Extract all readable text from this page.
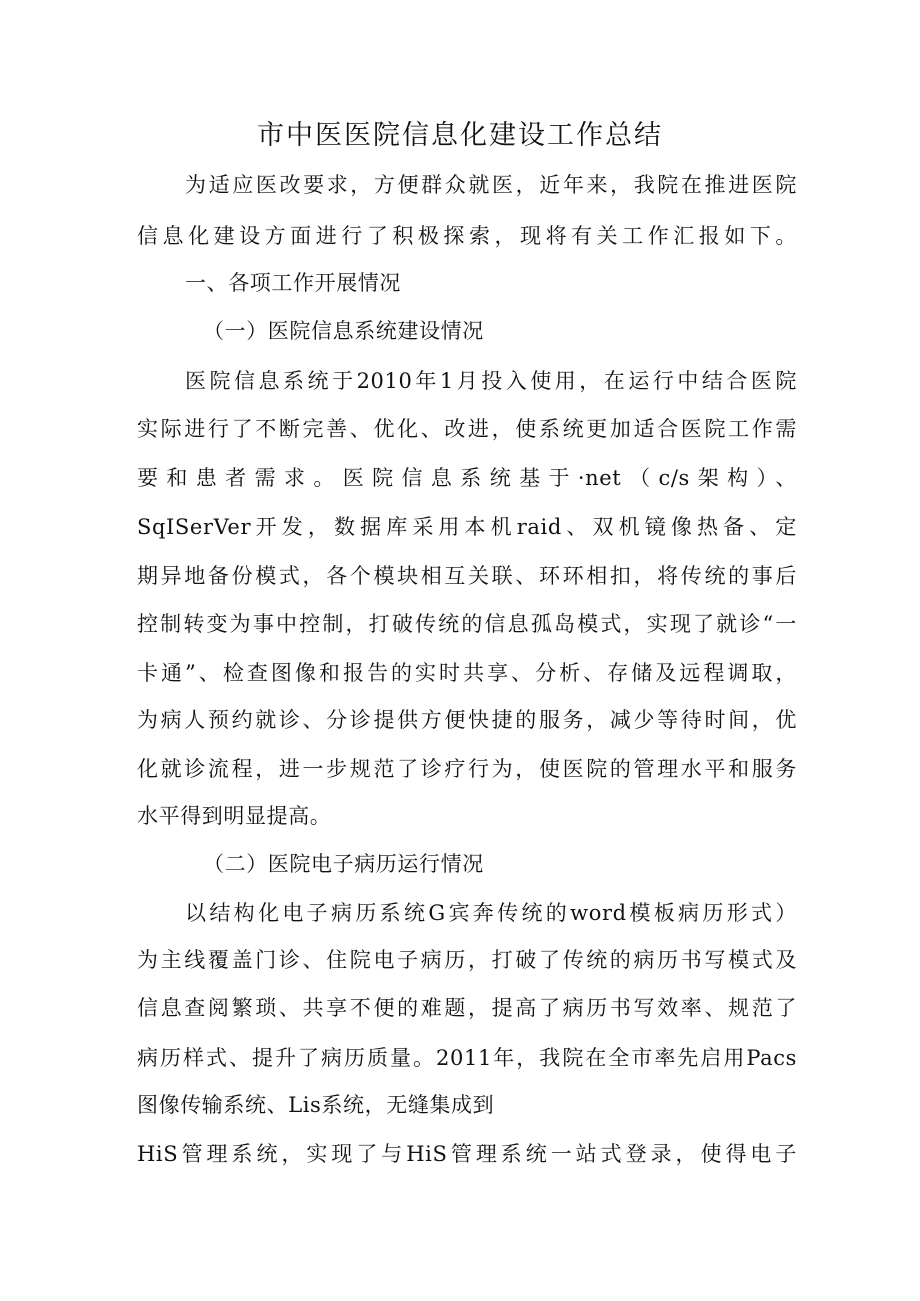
市中医医院信息化建设工作总结
为适应医改要求，方便群众就医，近年来，我院在推进医院
信息化建设方面进行了积极探索，现将有关工作汇报如下。
一、各项工作开展情况
（一）医院信息系统建设情况
医院信息系统于2010年1月投入使用，在运行中结合医院
实际进行了不断完善、优化、改进，使系统更加适合医院工作需
要和患者需求。医院信息系统基于·net（c/s架构）、
SqISerVer开发，数据库采用本机raid、双机镜像热备、定
期异地备份模式，各个模块相互关联、环环相扣，将传统的事后
控制转变为事中控制，打破传统的信息孤岛模式，实现了就诊“一
卡通”、检查图像和报告的实时共享、分析、存储及远程调取，
为病人预约就诊、分诊提供方便快捷的服务，减少等待时间，优
化就诊流程，进一步规范了诊疗行为，使医院的管理水平和服务
水平得到明显提高。
（二）医院电子病历运行情况
以结构化电子病历系统G宾奔传统的word模板病历形式）
为主线覆盖门诊、住院电子病历，打破了传统的病历书写模式及
信息查阅繁琐、共享不便的难题，提高了病历书写效率、规范了
病历样式、提升了病历质量。2011年，我院在全市率先启用Pacs
图像传输系统、Lis系统，无缝集成到
HiS管理系统，实现了与HiS管理系统一站式登录，使得电子
